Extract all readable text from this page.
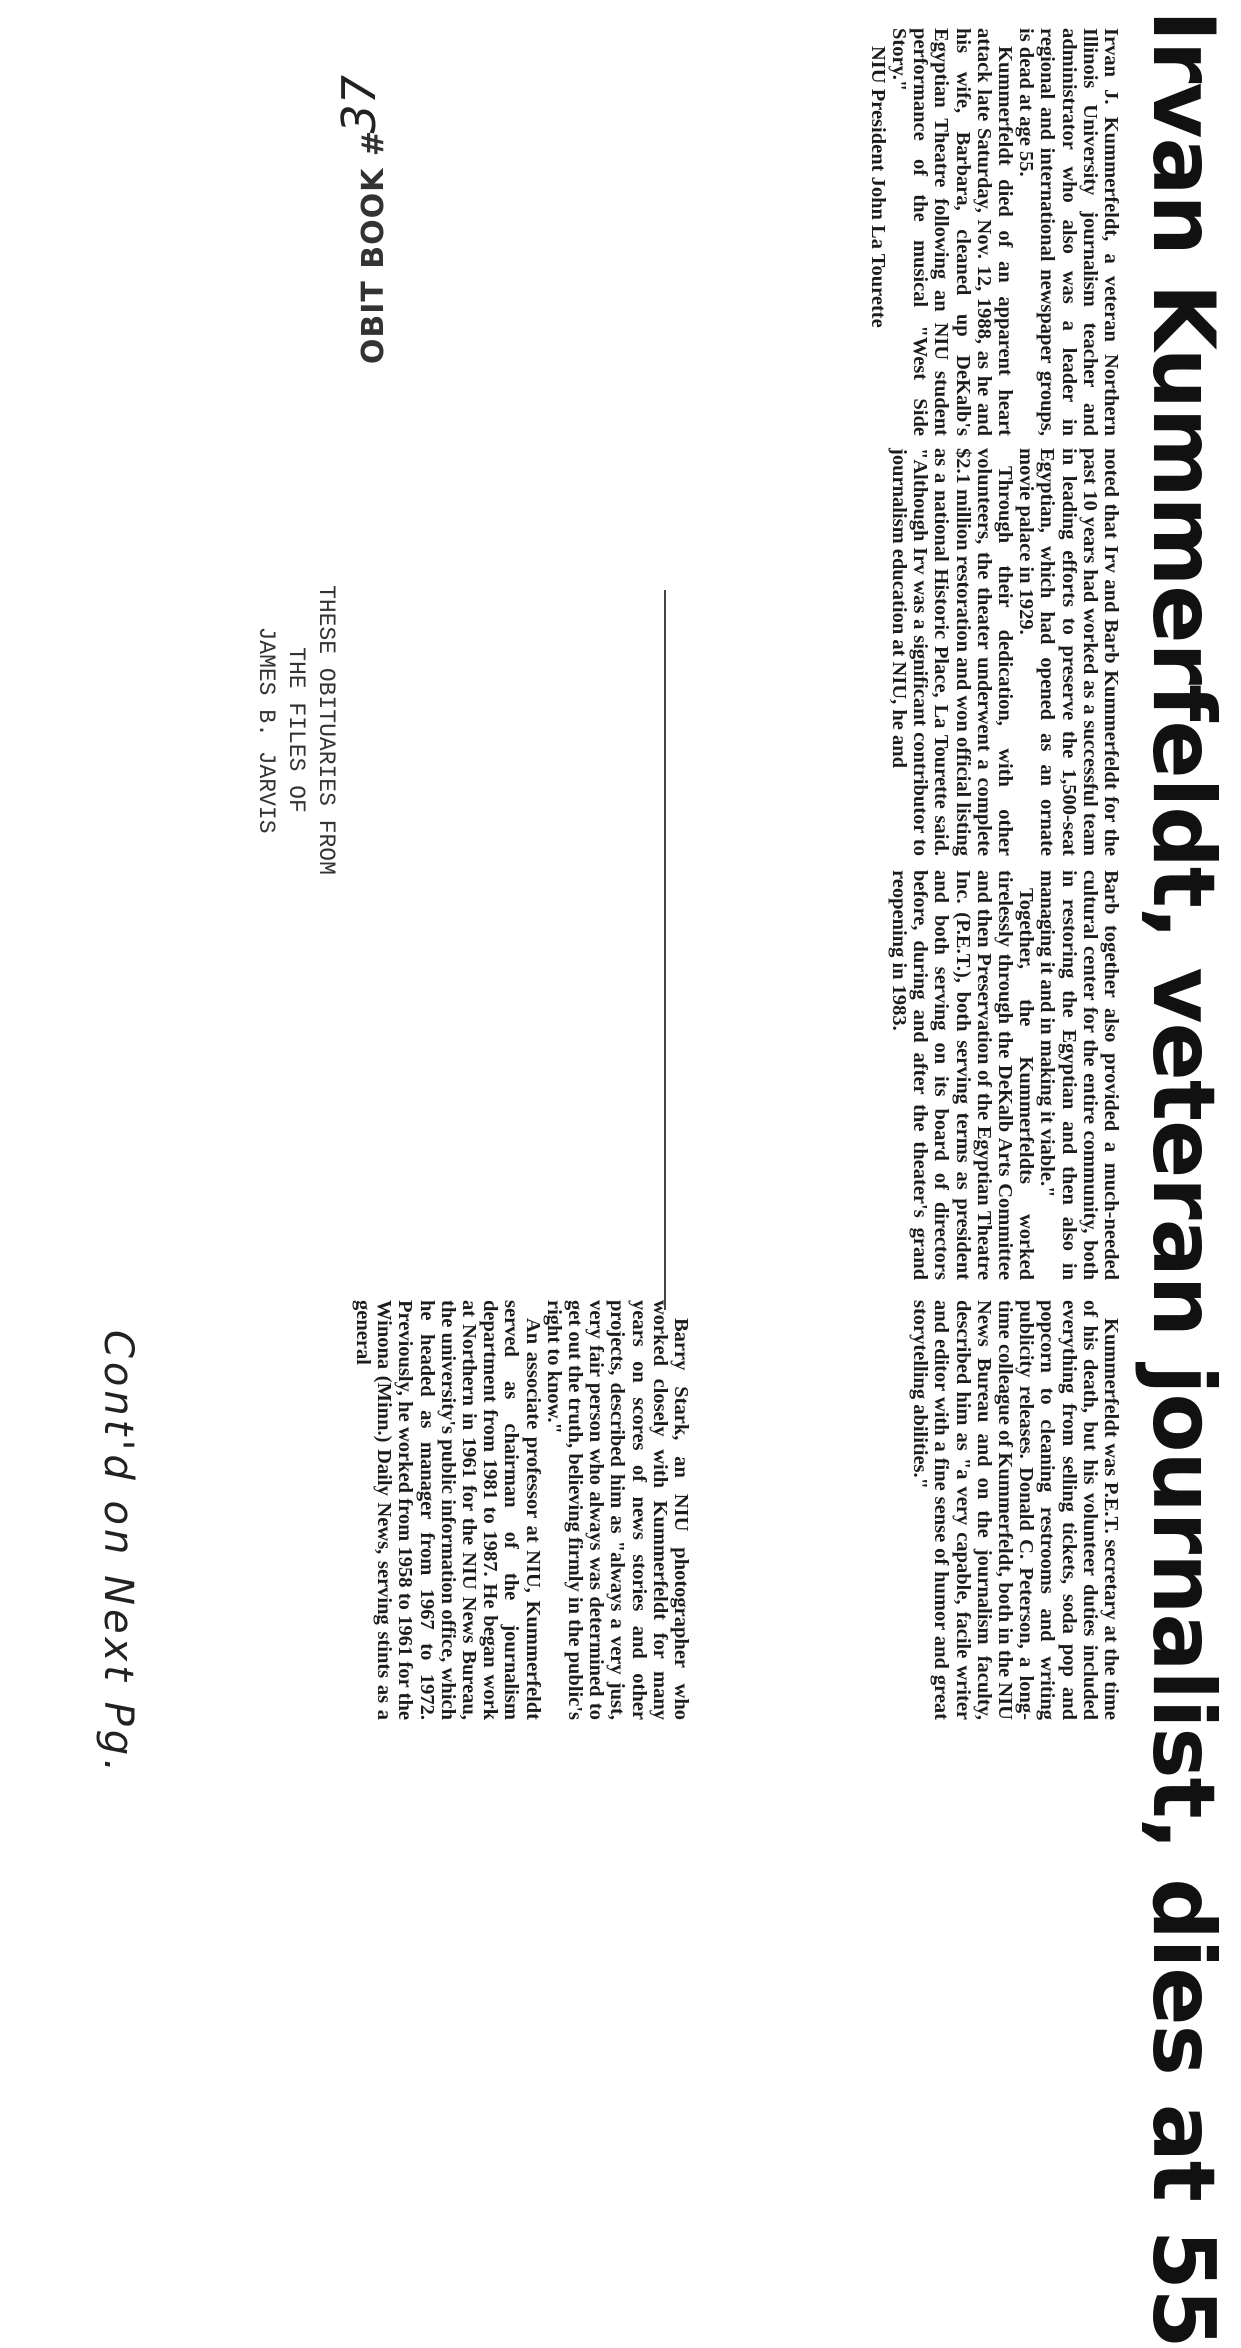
Irvan Kummerfeldt, veteran journalist, dies at 55

Irvan J. Kummerfeldt, a veteran Northern Illinois University journalism teacher and administrator who also was a leader in regional and international newspaper groups, is dead at age 55.

Kummerfeldt died of an apparent heart attack late Saturday, Nov. 12, 1988, as he and his wife, Barbara, cleaned up DeKalb's Egyptian Theatre following an NIU student performance of the musical "West Side Story."

NIU President John La Tourette

noted that Irv and Barb Kummerfeldt for the past 10 years had worked as a successful team in leading efforts to preserve the 1,500-seat Egyptian, which had opened as an ornate movie palace in 1929.

Through their dedication, with other volunteers, the theater underwent a complete $2.1 million restoration and won official listing as a national Historic Place, La Tourette said. "Although Irv was a significant contributor to journalism education at NIU, he and

Barb together also provided a much-needed cultural center for the entire community, both in restoring the Egyptian and then also in managing it and in making it viable."

Together, the Kummerfeldts worked tirelessly through the DeKalb Arts Committee and then Preservation of the Egyptian Theatre Inc. (P.E.T.), both serving terms as president and both serving on its board of directors before, during and after the theater's grand reopening in 1983.

Kummerfeldt was P.E.T. secretary at the time of his death, but his volunteer duties included everything from selling tickets, soda pop and popcorn to cleaning restrooms and writing publicity releases. Donald C. Peterson, a long-time colleague of Kummerfeldt, both in the NIU News Bureau and on the journalism faculty, described him as "a very capable, facile writer and editor with a fine sense of humor and great storytelling abilities."

Barry Stark, an NIU photographer who worked closely with Kummerfeldt for many years on scores of news stories and other projects, described him as "always a very just, very fair person who always was determined to get out the truth, believing firmly in the public's right to know."

An associate professor at NIU, Kummerfeldt served as chairman of the journalism department from 1981 to 1987. He began work at Northern in 1961 for the NIU News Bureau, the university's public information office, which he headed as manager from 1967 to 1972. Previously, he worked from 1958 to 1961 for the Winona (Minn.) Daily News, serving stints as a general

OBIT BOOK #
37
THESE OBITUARIES FROM
THE FILES OF
JAMES B. JARVIS
Cont'd on Next Pg.
